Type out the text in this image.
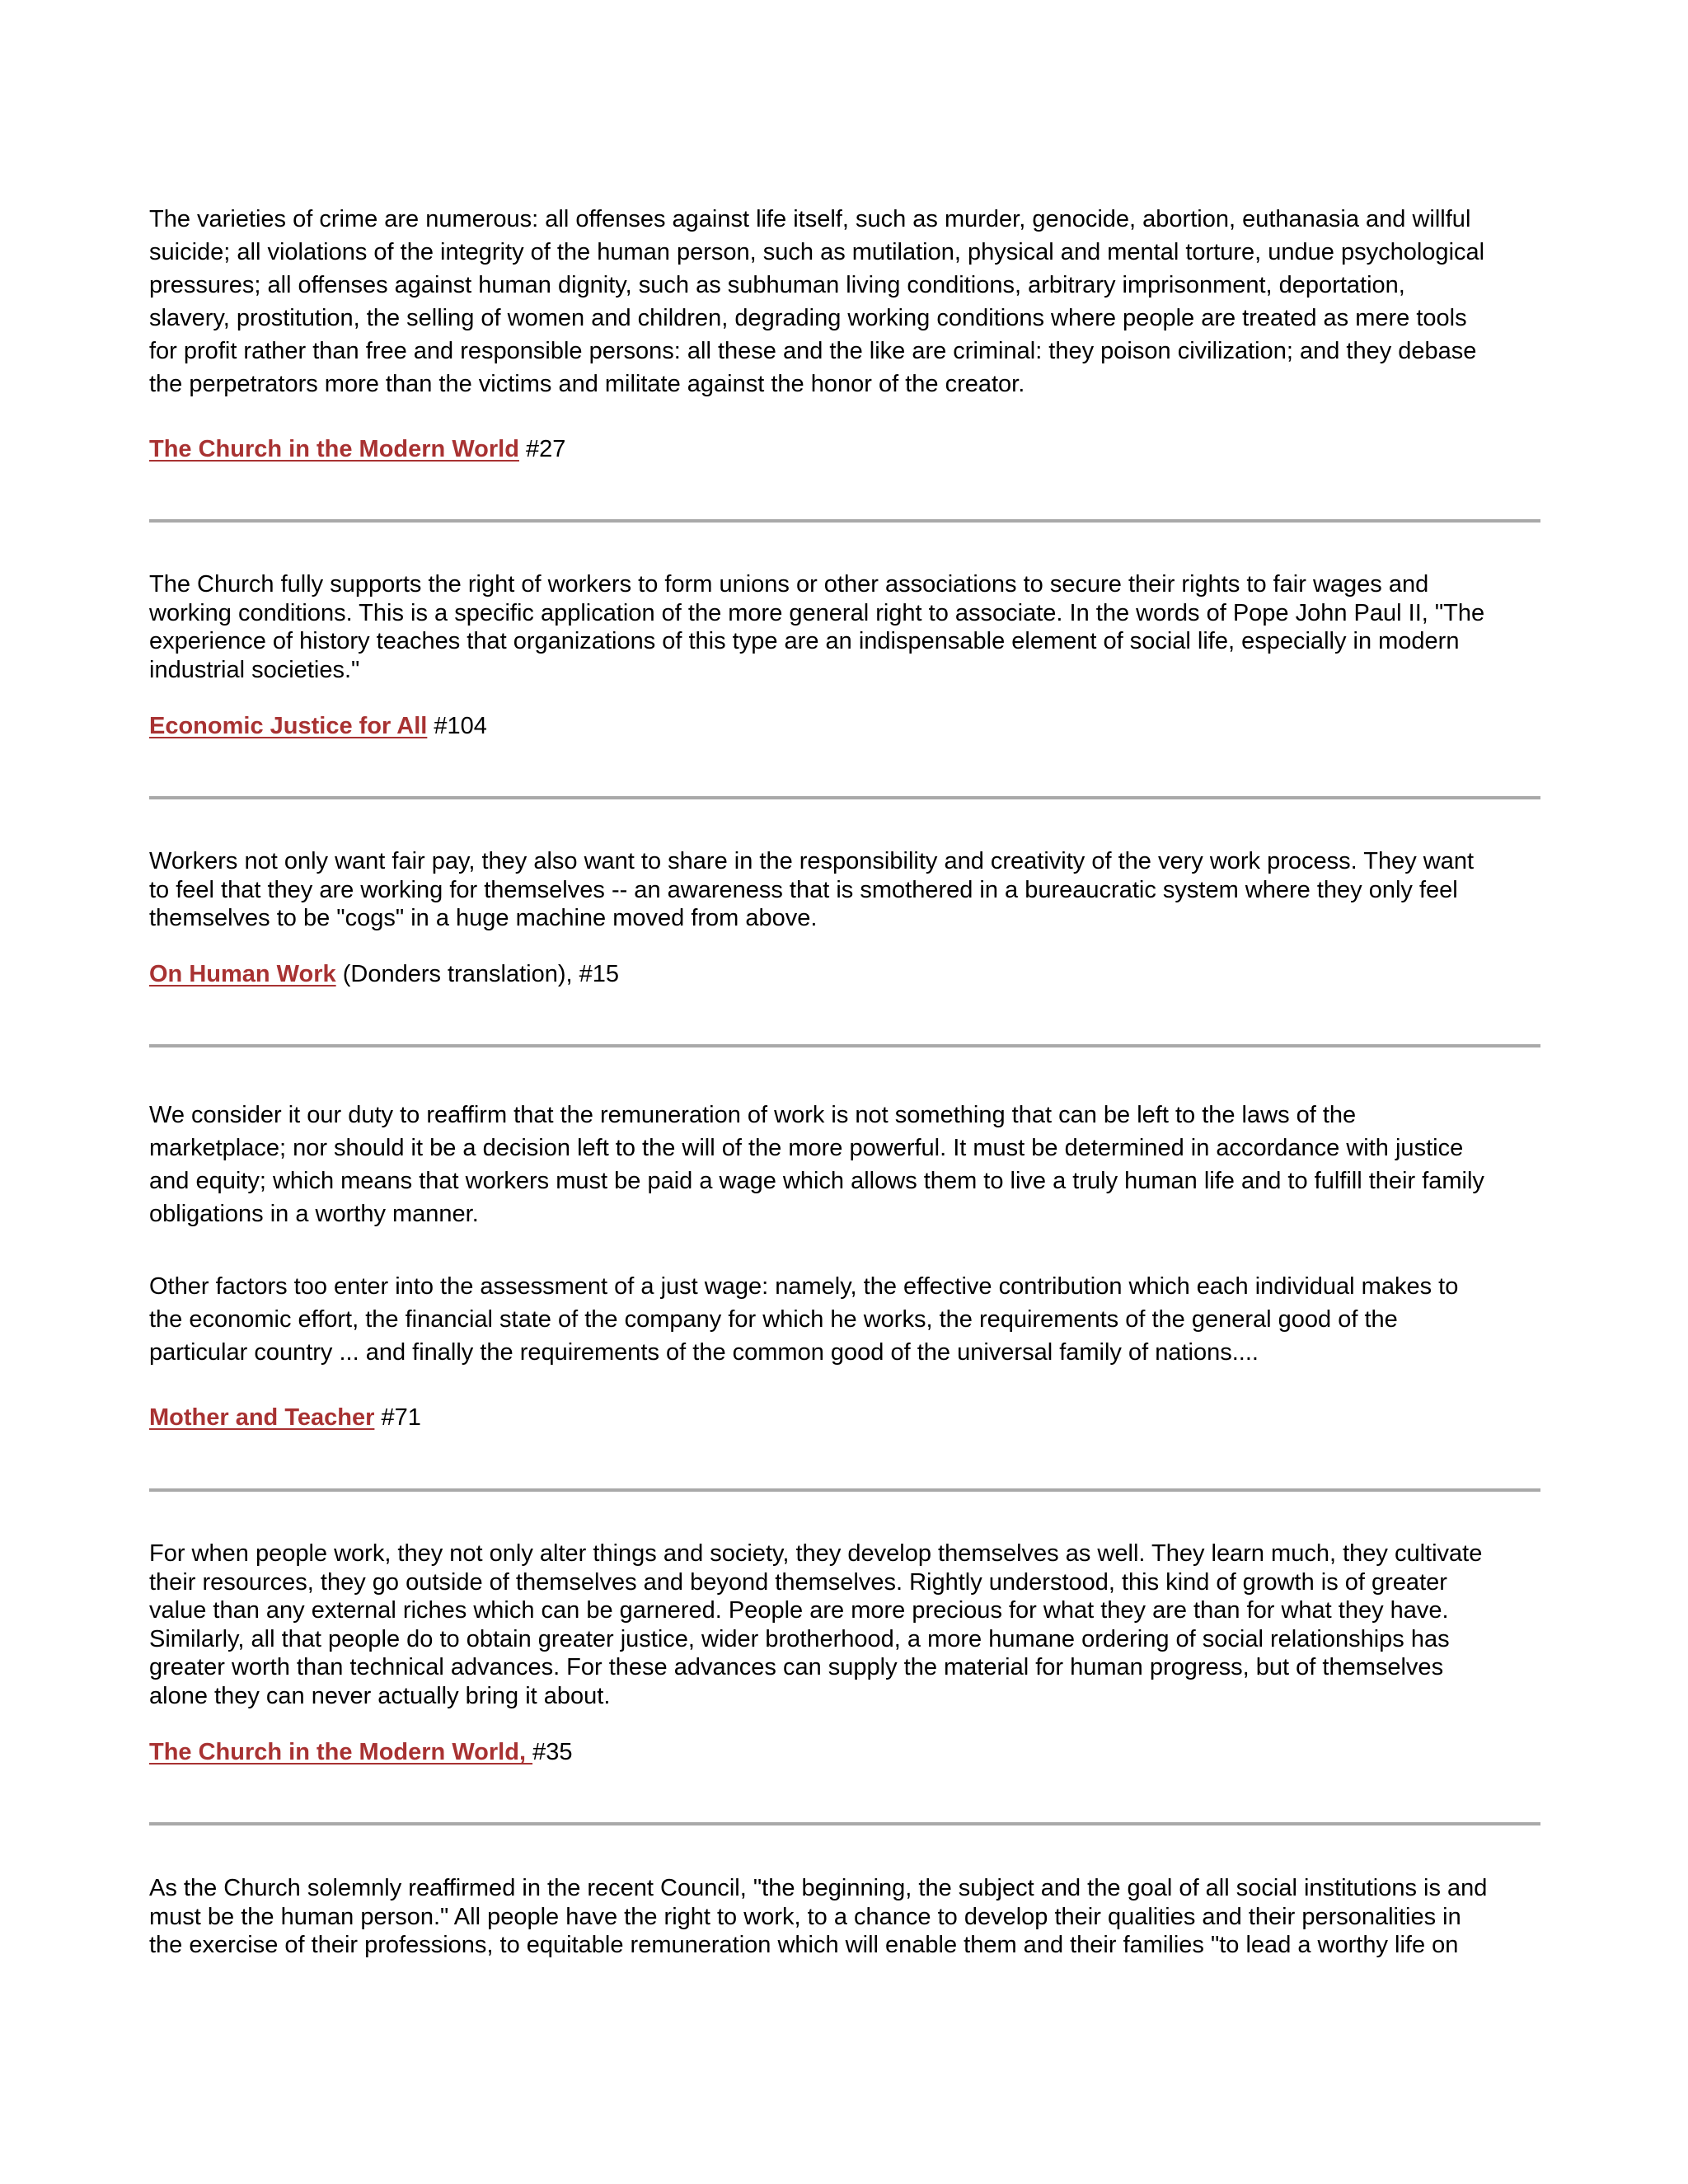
The varieties of crime are numerous: all offenses against life itself, such as murder, genocide, abortion, euthanasia and willful
suicide; all violations of the integrity of the human person, such as mutilation, physical and mental torture, undue psychological
pressures; all offenses against human dignity, such as subhuman living conditions, arbitrary imprisonment, deportation,
slavery, prostitution, the selling of women and children, degrading working conditions where people are treated as mere tools
for profit rather than free and responsible persons: all these and the like are criminal: they poison civilization; and they debase
the perpetrators more than the victims and militate against the honor of the creator.

The Church in the Modern World #27

The Church fully supports the right of workers to form unions or other associations to secure their rights to fair wages and
working conditions. This is a specific application of the more general right to associate. In the words of Pope John Paul II, "The
experience of history teaches that organizations of this type are an indispensable element of social life, especially in modern
industrial societies."

Economic Justice for All #104

Workers not only want fair pay, they also want to share in the responsibility and creativity of the very work process. They want
to feel that they are working for themselves -- an awareness that is smothered in a bureaucratic system where they only feel
themselves to be "cogs" in a huge machine moved from above.

On Human Work (Donders translation), #15

We consider it our duty to reaffirm that the remuneration of work is not something that can be left to the laws of the
marketplace; nor should it be a decision left to the will of the more powerful. It must be determined in accordance with justice
and equity; which means that workers must be paid a wage which allows them to live a truly human life and to fulfill their family
obligations in a worthy manner.

Other factors too enter into the assessment of a just wage: namely, the effective contribution which each individual makes to
the economic effort, the financial state of the company for which he works, the requirements of the general good of the
particular country ... and finally the requirements of the common good of the universal family of nations....

Mother and Teacher #71

For when people work, they not only alter things and society, they develop themselves as well. They learn much, they cultivate
their resources, they go outside of themselves and beyond themselves. Rightly understood, this kind of growth is of greater
value than any external riches which can be garnered. People are more precious for what they are than for what they have.
Similarly, all that people do to obtain greater justice, wider brotherhood, a more humane ordering of social relationships has
greater worth than technical advances. For these advances can supply the material for human progress, but of themselves
alone they can never actually bring it about.

The Church in the Modern World, #35

As the Church solemnly reaffirmed in the recent Council, "the beginning, the subject and the goal of all social institutions is and
must be the human person." All people have the right to work, to a chance to develop their qualities and their personalities in
the exercise of their professions, to equitable remuneration which will enable them and their families "to lead a worthy life on
